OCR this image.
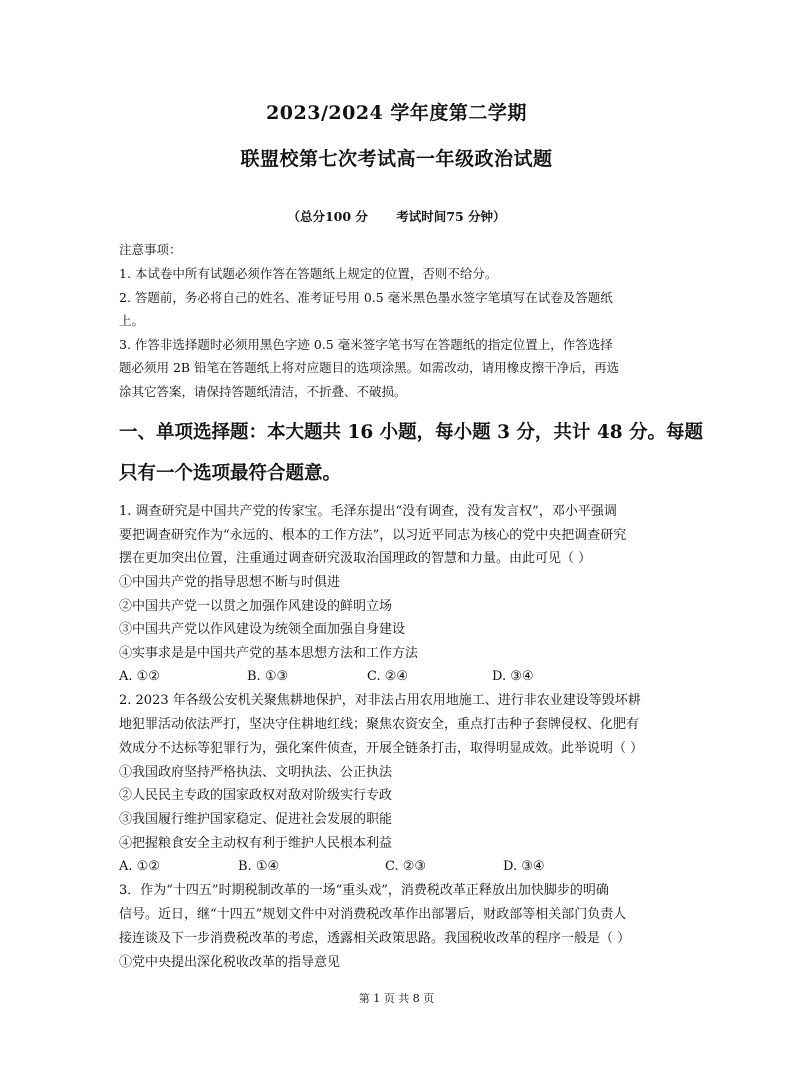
2023/2024 学年度第二学期
联盟校第七次考试高一年级政治试题
（总分100 分 考试时间75 分钟）
注意事项：
1. 本试卷中所有试题必须作答在答题纸上规定的位置，否则不给分。
2. 答题前，务必将自己的姓名、准考证号用 0.5 毫米黑色墨水签字笔填写在试卷及答题纸
上。
3. 作答非选择题时必须用黑色字迹 0.5 毫米签字笔书写在答题纸的指定位置上，作答选择
题必须用 2B 铅笔在答题纸上将对应题目的选项涂黑。如需改动，请用橡皮擦干净后，再选
涂其它答案，请保持答题纸清洁，不折叠、不破损。
一、单项选择题：本大题共 16 小题，每小题 3 分，共计 48 分。每题
只有一个选项最符合题意。
1. 调查研究是中国共产党的传家宝。毛泽东提出“没有调查，没有发言权”，邓小平强调
要把调查研究作为“永远的、根本的工作方法”，以习近平同志为核心的党中央把调查研究
摆在更加突出位置，注重通过调查研究汲取治国理政的智慧和力量。由此可见（ ）
①中国共产党的指导思想不断与时俱进
②中国共产党一以贯之加强作风建设的鲜明立场
③中国共产党以作风建设为统领全面加强自身建设
④实事求是是中国共产党的基本思想方法和工作方法
A. ①②	B. ①③	C. ②④	D. ③④
2. 2023 年各级公安机关聚焦耕地保护，对非法占用农用地施工、进行非农业建设等毁坏耕
地犯罪活动依法严打，坚决守住耕地红线；聚焦农资安全，重点打击种子套牌侵权、化肥有
效成分不达标等犯罪行为，强化案件侦查，开展全链条打击，取得明显成效。此举说明（ ）
①我国政府坚持严格执法、文明执法、公正执法
②人民民主专政的国家政权对敌对阶级实行专政
③我国履行维护国家稳定、促进社会发展的职能
④把握粮食安全主动权有利于维护人民根本利益
A. ①②	B. ①④	C. ②③	D. ③④
3．作为“十四五”时期税制改革的一场“重头戏”，消费税改革正释放出加快脚步的明确
信号。近日，继“十四五”规划文件中对消费税改革作出部署后，财政部等相关部门负责人
接连谈及下一步消费税改革的考虑，透露相关政策思路。我国税收改革的程序一般是（ ）
①党中央提出深化税收改革的指导意见
第 1 页 共 8 页
